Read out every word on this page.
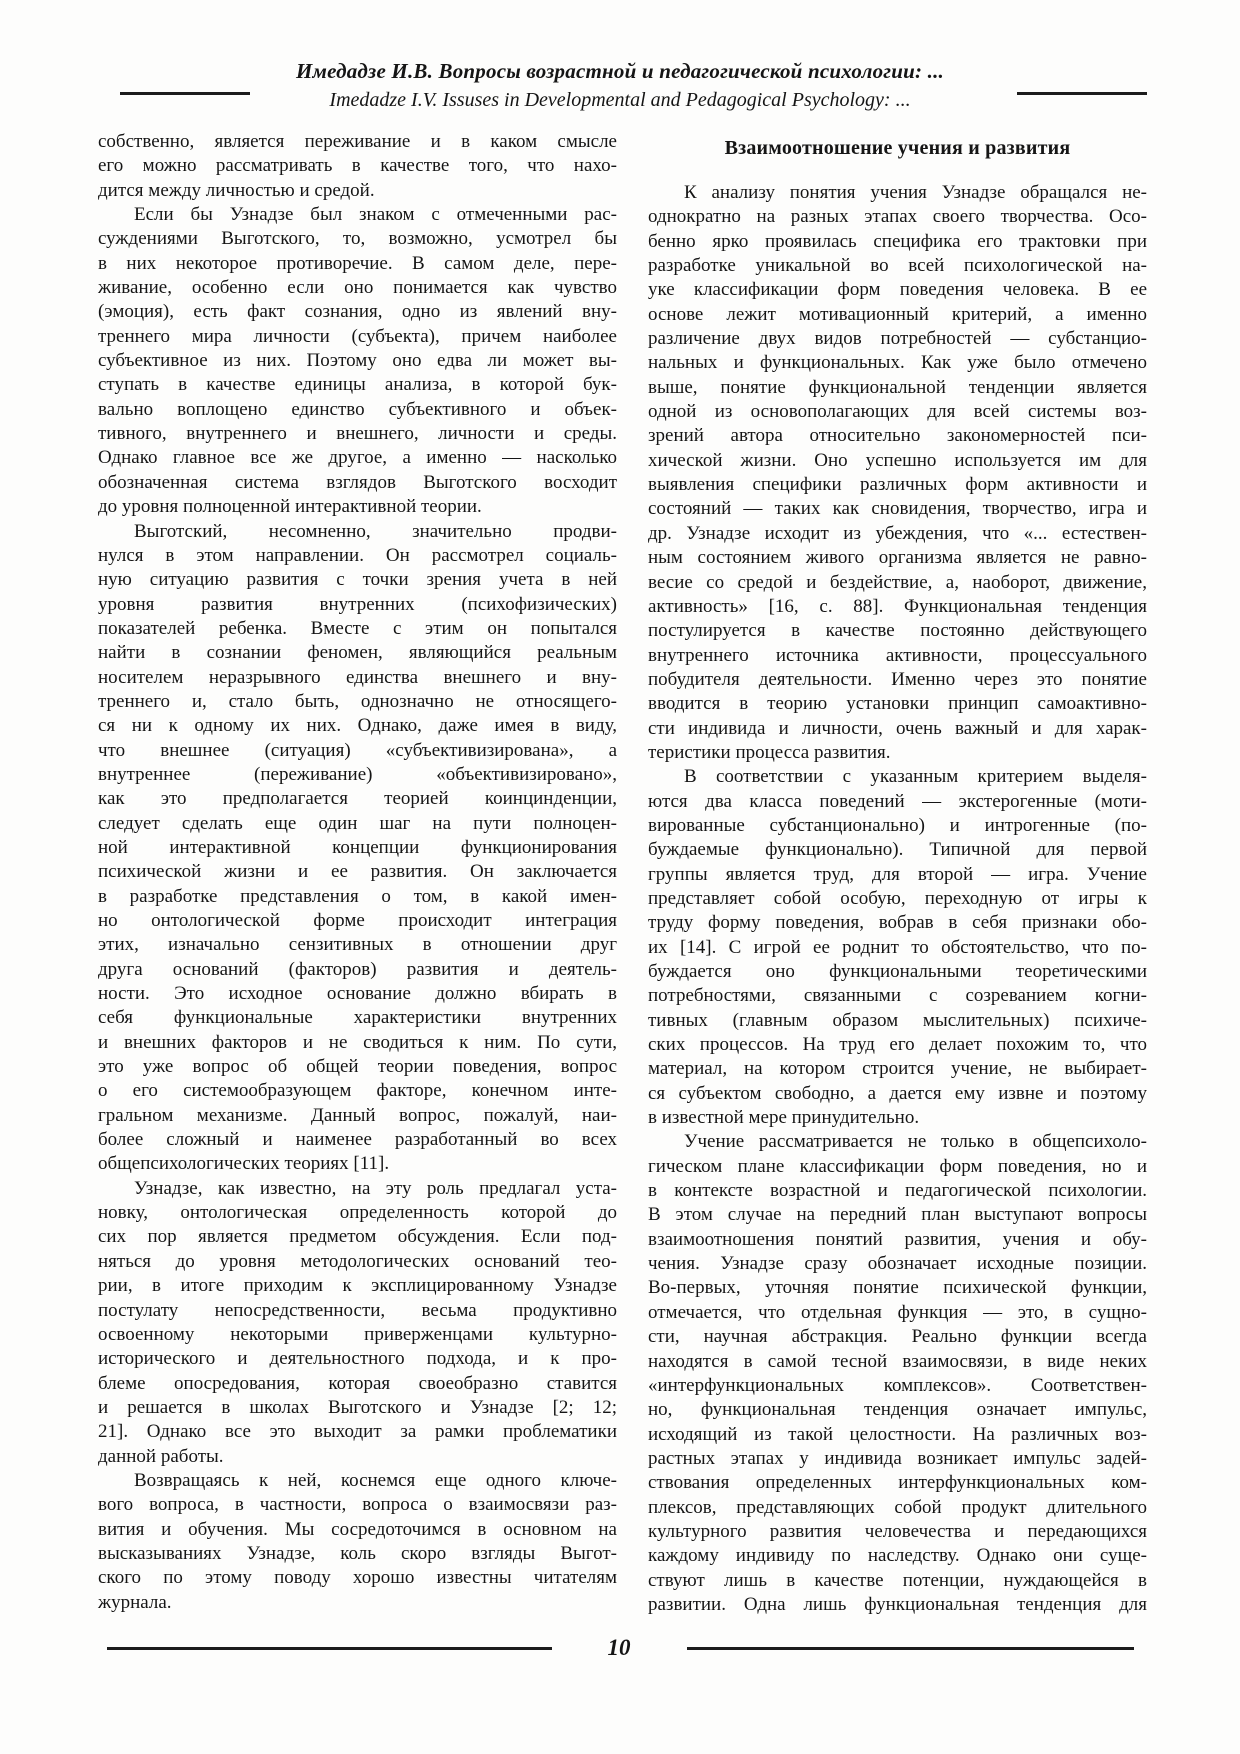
Имедадзе И.В. Вопросы возрастной и педагогической психологии: ...
Imedadze I.V. Issuses in Developmental and Pedagogical Psychology: ...
собственно, является переживание и в каком смысле
его можно рассматривать в качестве того, что нахо-
дится между личностью и средой.
Если бы Узнадзе был знаком с отмеченными рас-
суждениями Выготского, то, возможно, усмотрел бы
в них некоторое противоречие. В самом деле, пере-
живание, особенно если оно понимается как чувство
(эмоция), есть факт сознания, одно из явлений вну-
треннего мира личности (субъекта), причем наиболее
субъективное из них. Поэтому оно едва ли может вы-
ступать в качестве единицы анализа, в которой бук-
вально воплощено единство субъективного и объек-
тивного, внутреннего и внешнего, личности и среды.
Однако главное все же другое, а именно — насколько
обозначенная система взглядов Выготского восходит
до уровня полноценной интерактивной теории.
Выготский, несомненно, значительно продви-
нулся в этом направлении. Он рассмотрел социаль-
ную ситуацию развития с точки зрения учета в ней
уровня развития внутренних (психофизических)
показателей ребенка. Вместе с этим он попытался
найти в сознании феномен, являющийся реальным
носителем неразрывного единства внешнего и вну-
треннего и, стало быть, однозначно не относящего-
ся ни к одному их них. Однако, даже имея в виду,
что внешнее (ситуация) «субъективизирована», а
внутреннее (переживание) «объективизировано»,
как это предполагается теорией коинцинденции,
следует сделать еще один шаг на пути полноцен-
ной интерактивной концепции функционирования
психической жизни и ее развития. Он заключается
в разработке представления о том, в какой имен-
но онтологической форме происходит интеграция
этих, изначально сензитивных в отношении друг
друга оснований (факторов) развития и деятель-
ности. Это исходное основание должно вбирать в
себя функциональные характеристики внутренних
и внешних факторов и не сводиться к ним. По сути,
это уже вопрос об общей теории поведения, вопрос
о его системообразующем факторе, конечном инте-
гральном механизме. Данный вопрос, пожалуй, наи-
более сложный и наименее разработанный во всех
общепсихологических теориях [11].
Узнадзе, как известно, на эту роль предлагал уста-
новку, онтологическая определенность которой до
сих пор является предметом обсуждения. Если под-
няться до уровня методологических оснований тео-
рии, в итоге приходим к эксплицированному Узнадзе
постулату непосредственности, весьма продуктивно
освоенному некоторыми приверженцами культурно-
исторического и деятельностного подхода, и к про-
блеме опосредования, которая своеобразно ставится
и решается в школах Выготского и Узнадзе [2; 12;
21]. Однако все это выходит за рамки проблематики
данной работы.
Возвращаясь к ней, коснемся еще одного ключе-
вого вопроса, в частности, вопроса о взаимосвязи раз-
вития и обучения. Мы сосредоточимся в основном на
высказываниях Узнадзе, коль скоро взгляды Выгот-
ского по этому поводу хорошо известны читателям
журнала.
Взаимоотношение учения и развития
К анализу понятия учения Узнадзе обращался не-
однократно на разных этапах своего творчества. Осо-
бенно ярко проявилась специфика его трактовки при
разработке уникальной во всей психологической на-
уке классификации форм поведения человека. В ее
основе лежит мотивационный критерий, а именно
различение двух видов потребностей — субстанцио-
нальных и функциональных. Как уже было отмечено
выше, понятие функциональной тенденции является
одной из основополагающих для всей системы воз-
зрений автора относительно закономерностей пси-
хической жизни. Оно успешно используется им для
выявления специфики различных форм активности и
состояний — таких как сновидения, творчество, игра и
др. Узнадзе исходит из убеждения, что «... естествен-
ным состоянием живого организма является не равно-
весие со средой и бездействие, а, наоборот, движение,
активность» [16, с. 88]. Функциональная тенденция
постулируется в качестве постоянно действующего
внутреннего источника активности, процессуального
побудителя деятельности. Именно через это понятие
вводится в теорию установки принцип самоактивно-
сти индивида и личности, очень важный и для харак-
теристики процесса развития.
В соответствии с указанным критерием выделя-
ются два класса поведений — экстерогенные (моти-
вированные субстанционально) и интрогенные (по-
буждаемые функционально). Типичной для первой
группы является труд, для второй — игра. Учение
представляет собой особую, переходную от игры к
труду форму поведения, вобрав в себя признаки обо-
их [14]. С игрой ее роднит то обстоятельство, что по-
буждается оно функциональными теоретическими
потребностями, связанными с созреванием когни-
тивных (главным образом мыслительных) психиче-
ских процессов. На труд его делает похожим то, что
материал, на котором строится учение, не выбирает-
ся субъектом свободно, а дается ему извне и поэтому
в известной мере принудительно.
Учение рассматривается не только в общепсихоло-
гическом плане классификации форм поведения, но и
в контексте возрастной и педагогической психологии.
В этом случае на передний план выступают вопросы
взаимоотношения понятий развития, учения и обу-
чения. Узнадзе сразу обозначает исходные позиции.
Во-первых, уточняя понятие психической функции,
отмечается, что отдельная функция — это, в сущно-
сти, научная абстракция. Реально функции всегда
находятся в самой тесной взаимосвязи, в виде неких
«интерфункциональных комплексов». Соответствен-
но, функциональная тенденция означает импульс,
исходящий из такой целостности. На различных воз-
растных этапах у индивида возникает импульс задей-
ствования определенных интерфункциональных ком-
плексов, представляющих собой продукт длительного
культурного развития человечества и передающихся
каждому индивиду по наследству. Однако они суще-
ствуют лишь в качестве потенции, нуждающейся в
развитии. Одна лишь функциональная тенденция для
10
